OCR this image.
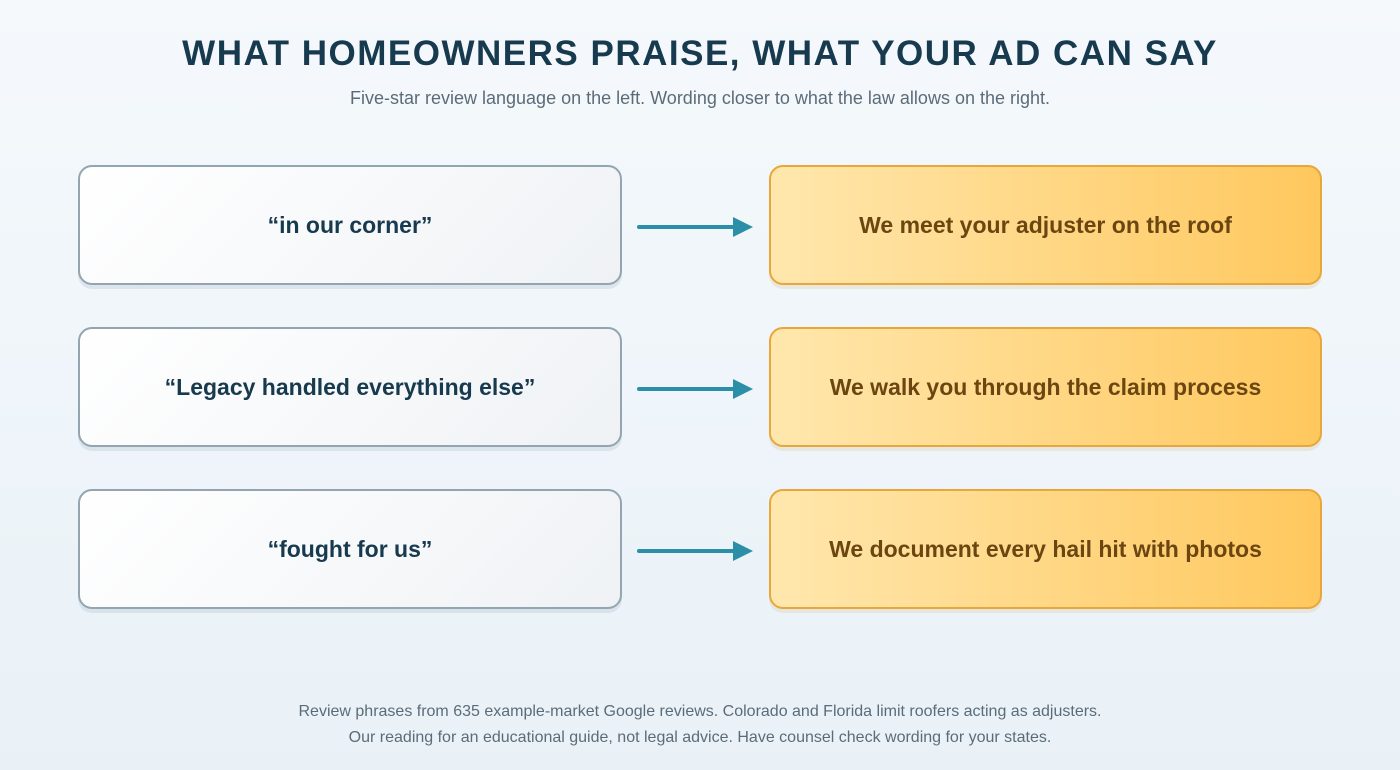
WHAT HOMEOWNERS PRAISE, WHAT YOUR AD CAN SAY
Five-star review language on the left. Wording closer to what the law allows on the right.
“in our corner”	We meet your adjuster on the roof
“Legacy handled everything else”	We walk you through the claim process
“fought for us”	We document every hail hit with photos
Review phrases from 635 example-market Google reviews. Colorado and Florida limit roofers acting as adjusters.
Our reading for an educational guide, not legal advice. Have counsel check wording for your states.
